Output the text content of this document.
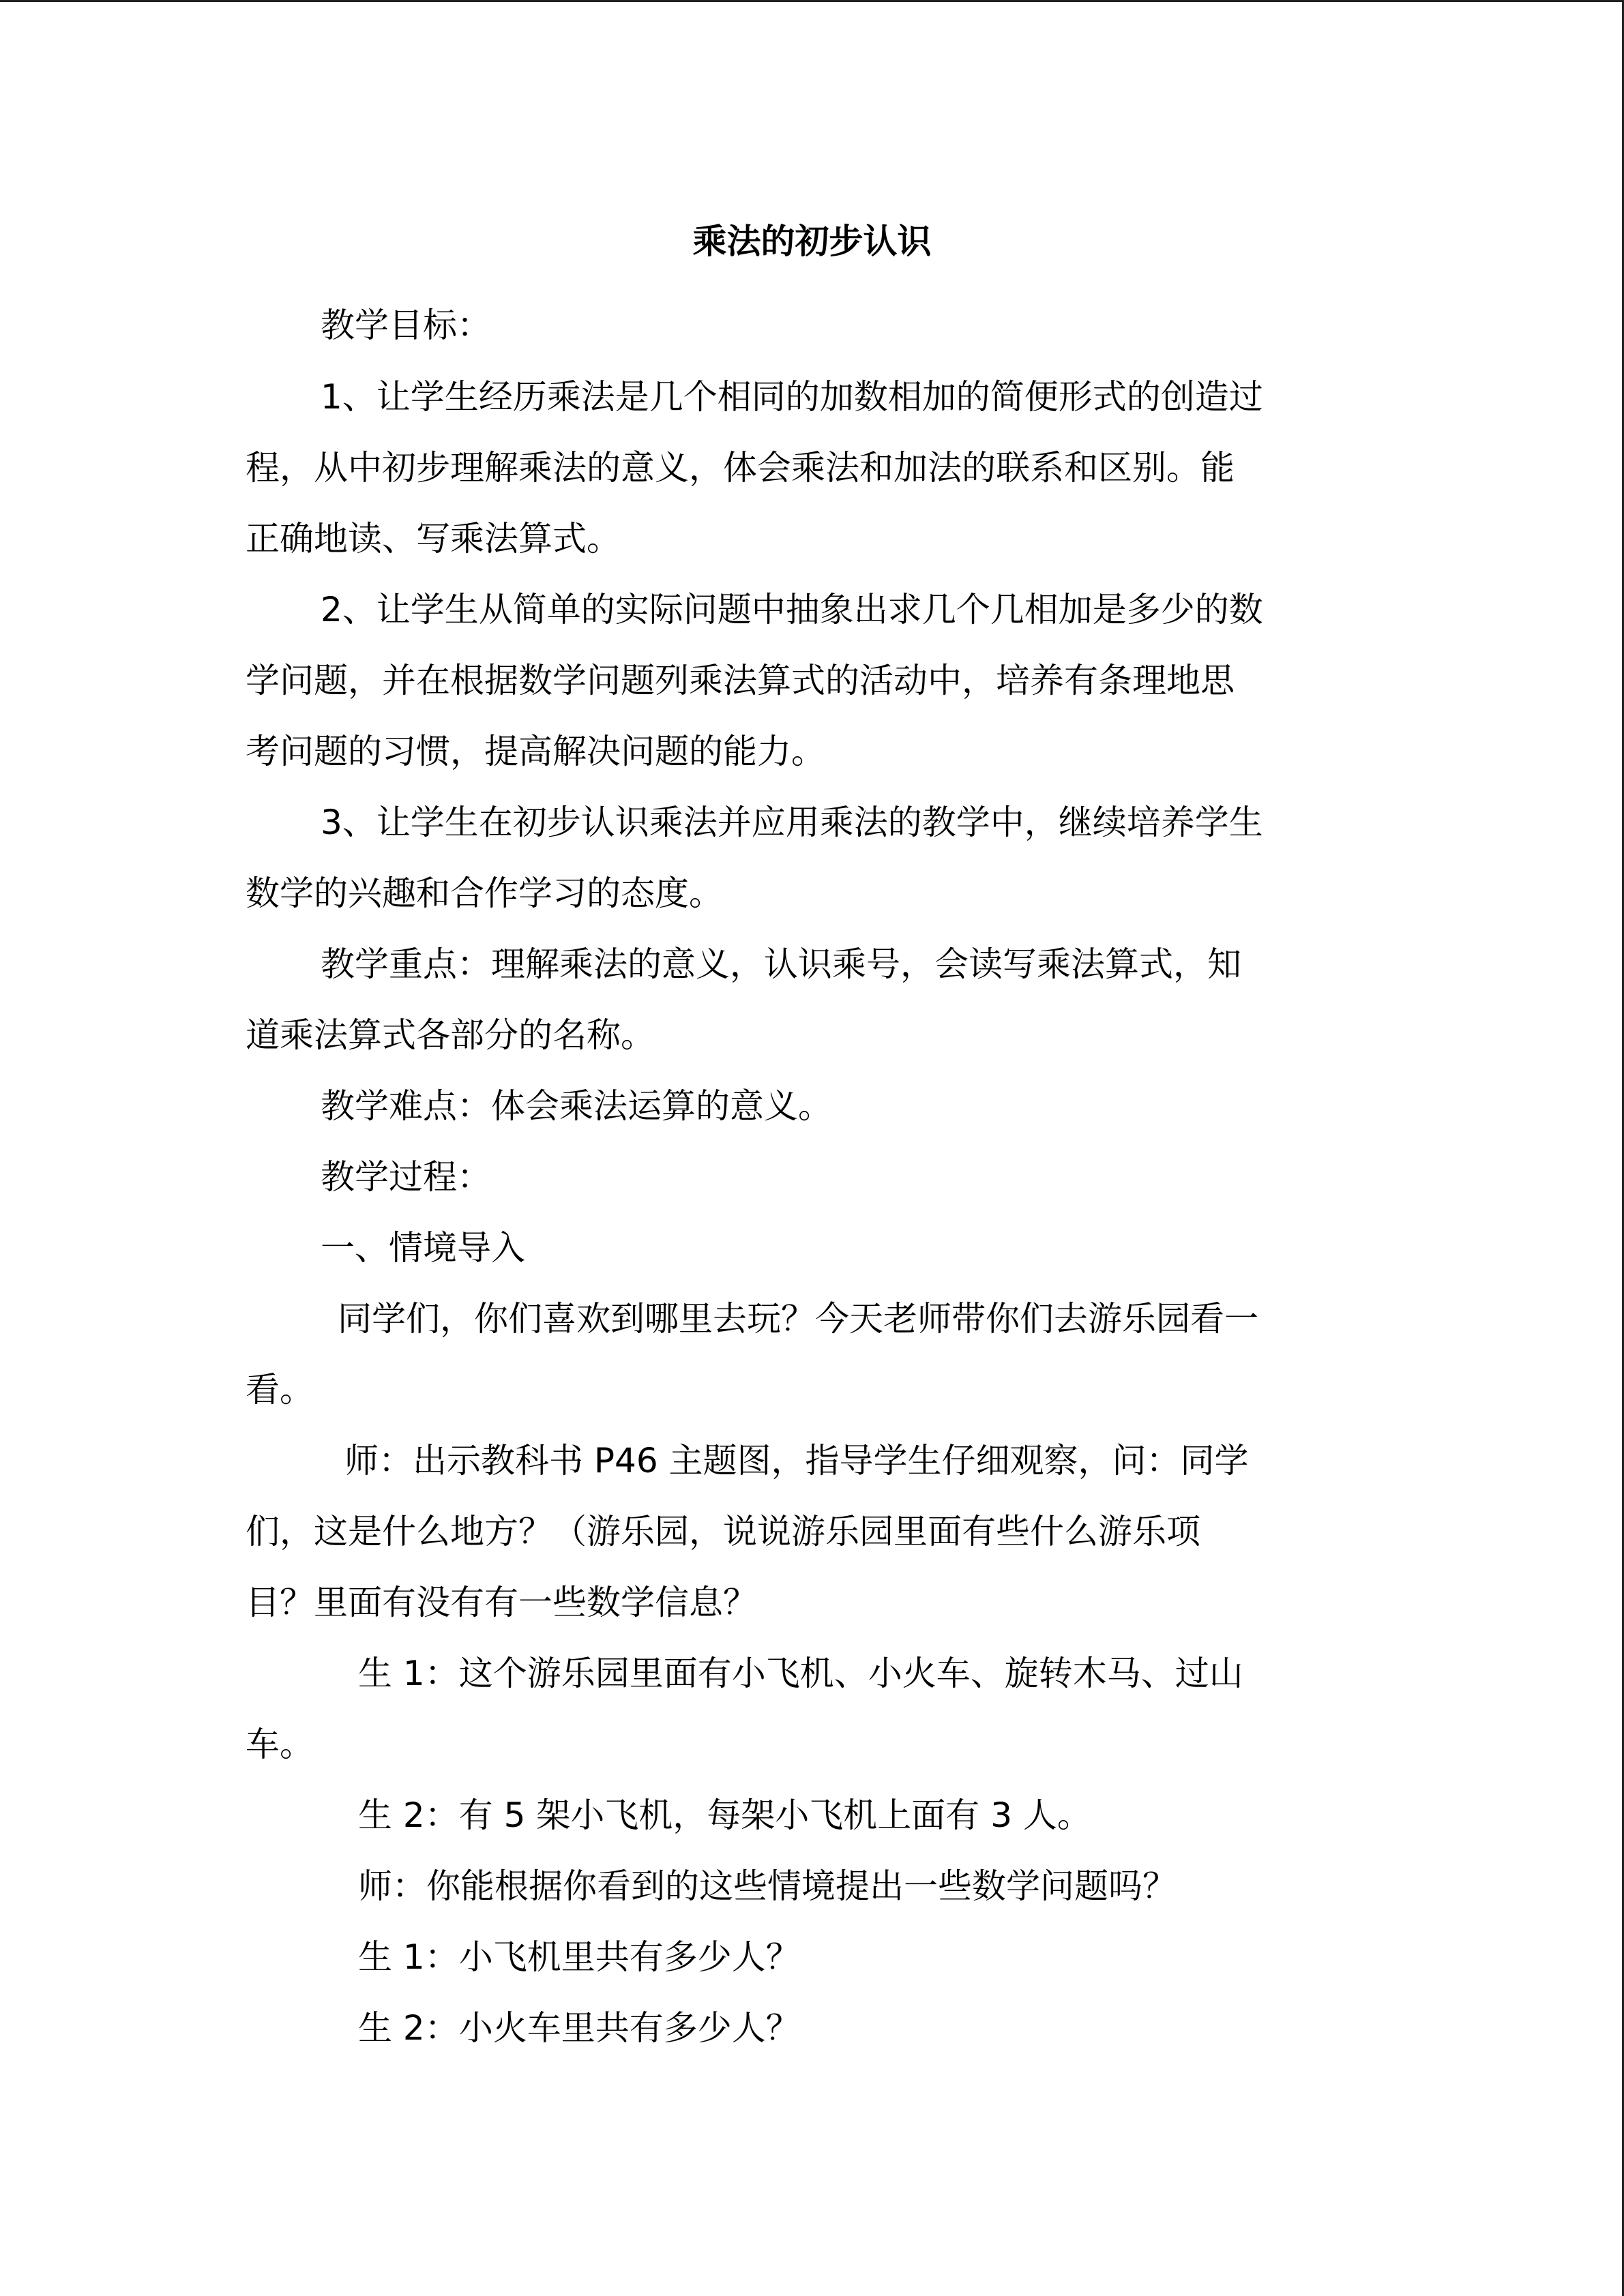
乘法的初步认识

教学目标：

1、让学生经历乘法是几个相同的加数相加的简便形式的创造过

程，从中初步理解乘法的意义，体会乘法和加法的联系和区别。能

正确地读、写乘法算式。

2、让学生从简单的实际问题中抽象出求几个几相加是多少的数

学问题，并在根据数学问题列乘法算式的活动中，培养有条理地思

考问题的习惯，提高解决问题的能力。

3、让学生在初步认识乘法并应用乘法的教学中，继续培养学生

数学的兴趣和合作学习的态度。

教学重点：理解乘法的意义，认识乘号，会读写乘法算式，知

道乘法算式各部分的名称。

教学难点：体会乘法运算的意义。

教学过程：

一、情境导入

同学们，你们喜欢到哪里去玩？今天老师带你们去游乐园看一

看。

师：出示教科书 P46 主题图，指导学生仔细观察，问：同学

们，这是什么地方？（游乐园，说说游乐园里面有些什么游乐项

目？里面有没有有一些数学信息？

生 1：这个游乐园里面有小飞机、小火车、旋转木马、过山

车。

生 2：有 5 架小飞机，每架小飞机上面有 3 人。

师：你能根据你看到的这些情境提出一些数学问题吗？

生 1：小飞机里共有多少人？

生 2：小火车里共有多少人？
